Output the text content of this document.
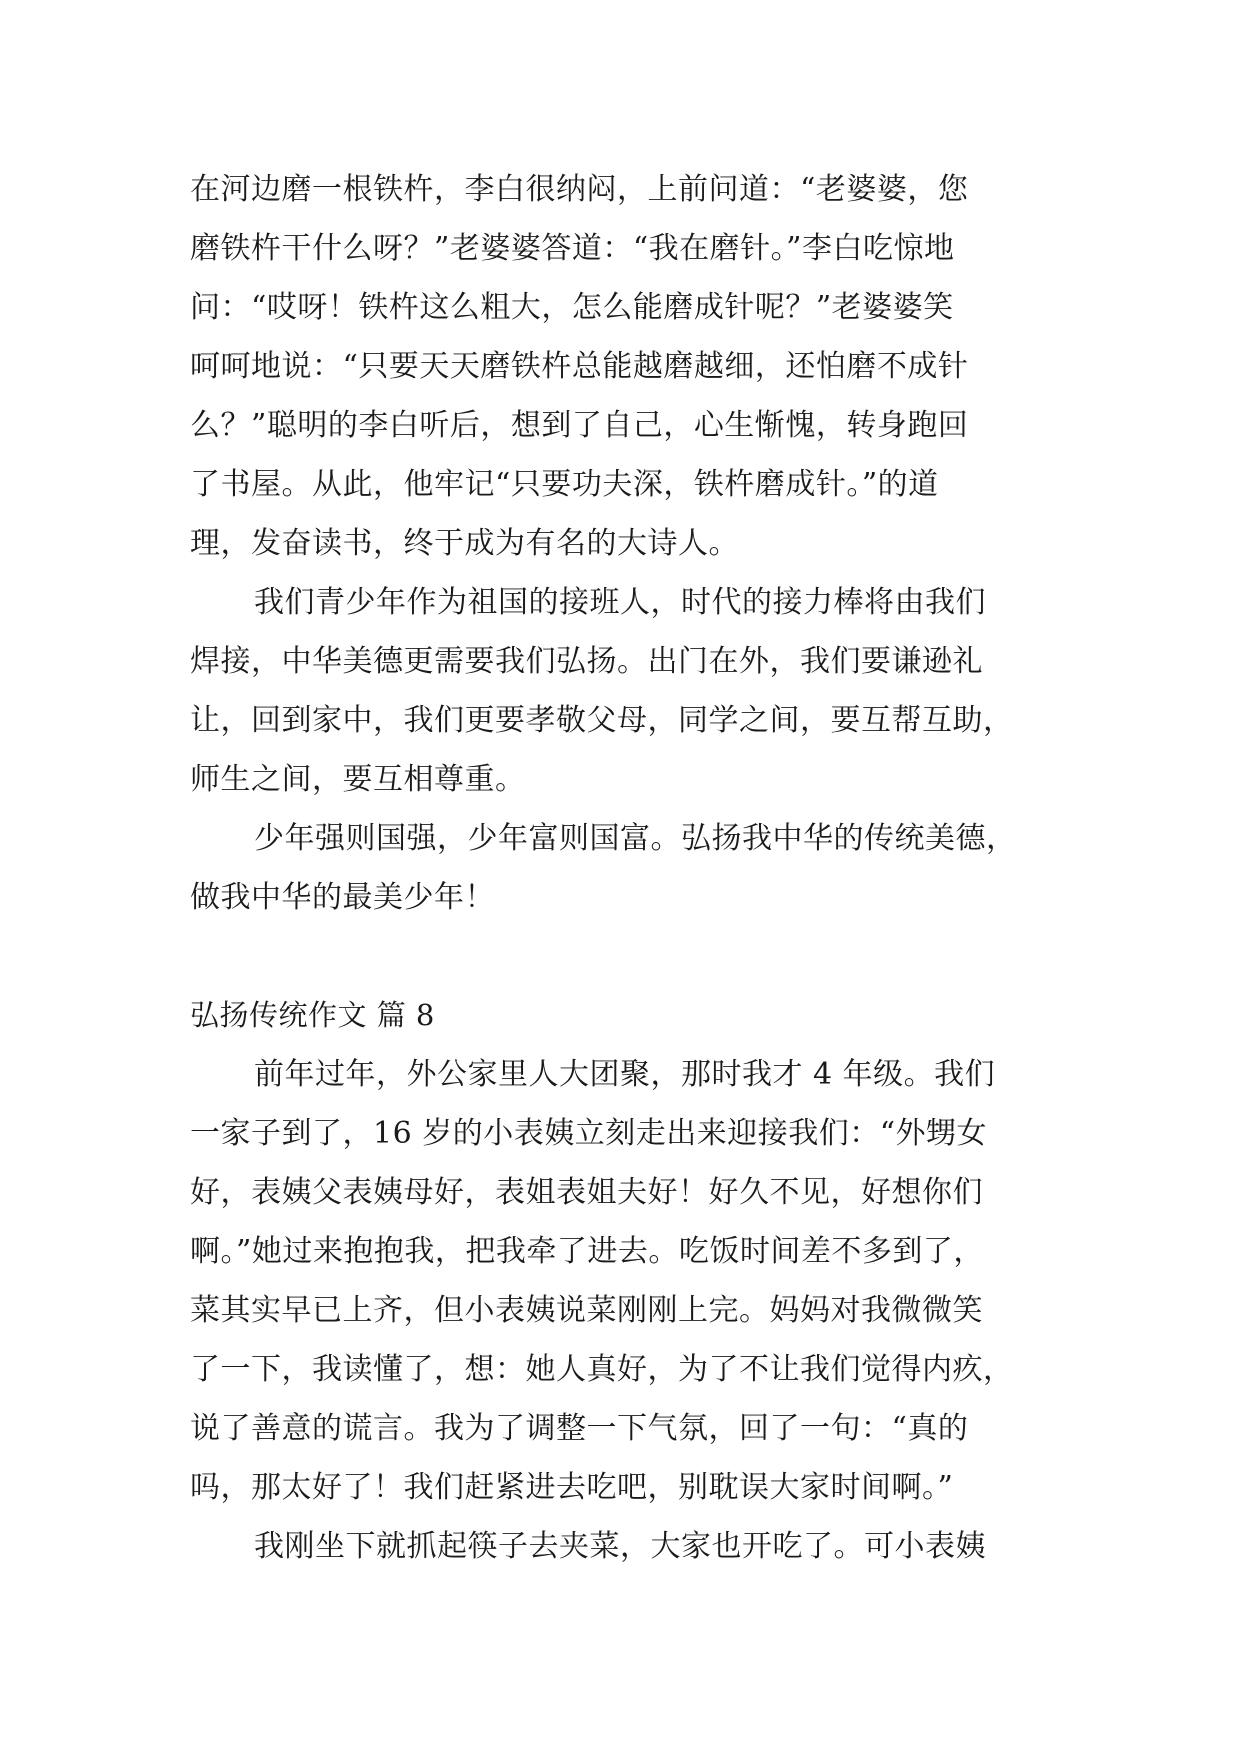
在河边磨一根铁杵，李白很纳闷，上前问道：“老婆婆，您
磨铁杵干什么呀？”老婆婆答道：“我在磨针。”李白吃惊地
问：“哎呀！铁杵这么粗大，怎么能磨成针呢？”老婆婆笑
呵呵地说：“只要天天磨铁杵总能越磨越细，还怕磨不成针
么？”聪明的李白听后，想到了自己，心生惭愧，转身跑回
了书屋。从此，他牢记“只要功夫深，铁杵磨成针。”的道
理，发奋读书，终于成为有名的大诗人。
我们青少年作为祖国的接班人，时代的接力棒将由我们
焊接，中华美德更需要我们弘扬。出门在外，我们要谦逊礼
让，回到家中，我们更要孝敬父母，同学之间，要互帮互助，
师生之间，要互相尊重。
少年强则国强，少年富则国富。弘扬我中华的传统美德，
做我中华的最美少年！
弘扬传统作文 篇 8
前年过年，外公家里人大团聚，那时我才 4 年级。我们
一家子到了，16 岁的小表姨立刻走出来迎接我们：“外甥女
好，表姨父表姨母好，表姐表姐夫好！好久不见，好想你们
啊。”她过来抱抱我，把我牵了进去。吃饭时间差不多到了，
菜其实早已上齐，但小表姨说菜刚刚上完。妈妈对我微微笑
了一下，我读懂了，想：她人真好，为了不让我们觉得内疚，
说了善意的谎言。我为了调整一下气氛，回了一句：“真的
吗，那太好了！我们赶紧进去吃吧，别耽误大家时间啊。”
我刚坐下就抓起筷子去夹菜，大家也开吃了。可小表姨
